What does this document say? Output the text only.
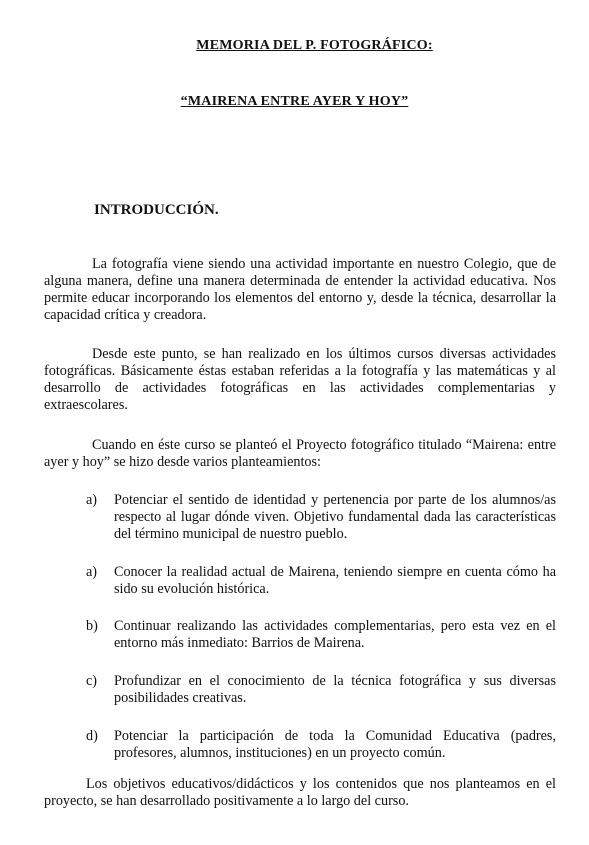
MEMORIA DEL P. FOTOGRÁFICO:
“MAIRENA ENTRE AYER Y HOY”
INTRODUCCIÓN.

La fotografía viene siendo una actividad importante en nuestro Colegio, que de alguna manera, define una manera determinada de entender la actividad educativa. Nos permite educar incorporando los elementos del entorno y, desde la técnica, desarrollar la capacidad crítica y creadora.

Desde este punto, se han realizado en los últimos cursos diversas actividades fotográficas. Básicamente éstas estaban referidas a la fotografía y las matemáticas y al desarrollo de actividades fotográficas en las actividades complementarias y extraescolares.

Cuando en éste curso se planteó el Proyecto fotográfico titulado “Mairena: entre ayer y hoy” se hizo desde varios planteamientos:

a)	Potenciar el sentido de identidad y pertenencia por parte de los alumnos/as respecto al lugar dónde viven. Objetivo fundamental dada las características del término municipal de nuestro pueblo.
a)	Conocer la realidad actual de Mairena, teniendo siempre en cuenta cómo ha sido su evolución histórica.
b)	Continuar realizando las actividades complementarias, pero esta vez en el entorno más inmediato: Barrios de Mairena.
c)	Profundizar en el conocimiento de la técnica fotográfica y sus diversas posibilidades creativas.
d)	Potenciar la participación de toda la Comunidad Educativa (padres, profesores, alumnos, instituciones) en un proyecto común.

Los objetivos educativos/didácticos y los contenidos que nos planteamos en el proyecto, se han desarrollado positivamente a lo largo del curso.
